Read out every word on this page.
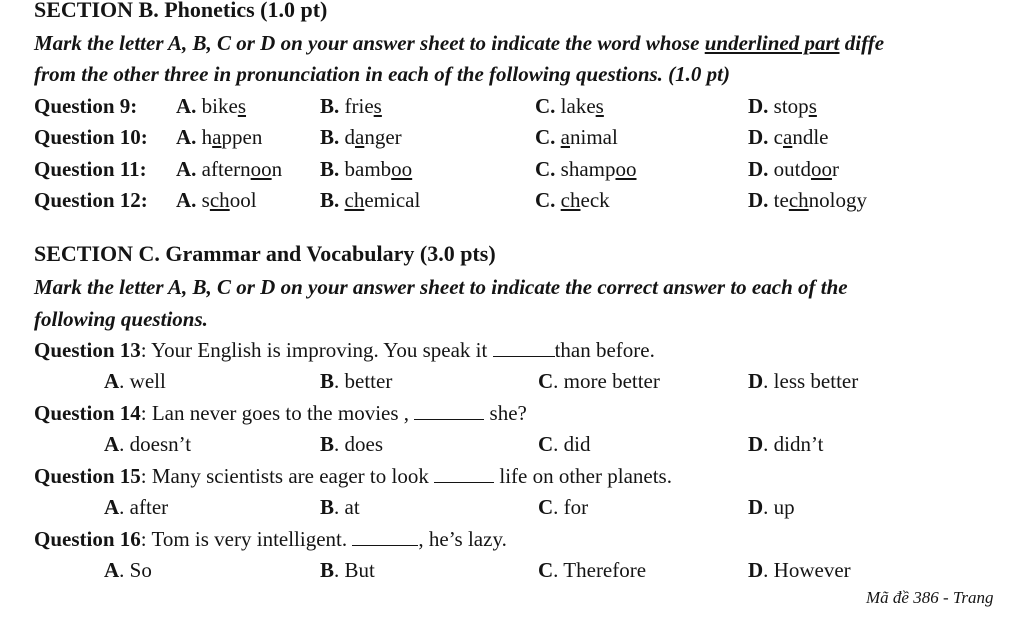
SECTION B. Phonetics (1.0 pt)
Mark the letter A, B, C or D on your answer sheet to indicate the word whose underlined part diffe
from the other three in pronunciation in each of the following questions. (1.0 pt)
Question 9: A. bikes	B. fries	C. lakes	D. stops
Question 10: A. happen	B. danger	C. animal	D. candle
Question 11: A. afternoon B. bamboo	C. shampoo	D. outdoor
Question 12: A. school	B. chemical	C. check	D. technology
SECTION C. Grammar and Vocabulary (3.0 pts)
Mark the letter A, B, C or D on your answer sheet to indicate the correct answer to each of the
following questions.
Question 13: Your English is improving. You speak it	than before.
A. well	B. better	C. more better	D. less better
Question 14: Lan never goes to the movies ,	she?
A. doesn’t	B. does	C. did	D. didn’t
Question 15: Many scientists are eager to look	life on other planets.
A. after	B. at	C. for	D. up
Question 16: Tom is very intelligent.	, he’s lazy.
A. So	B. But	C. Therefore	D. However
Mã đề 386 - Trang
